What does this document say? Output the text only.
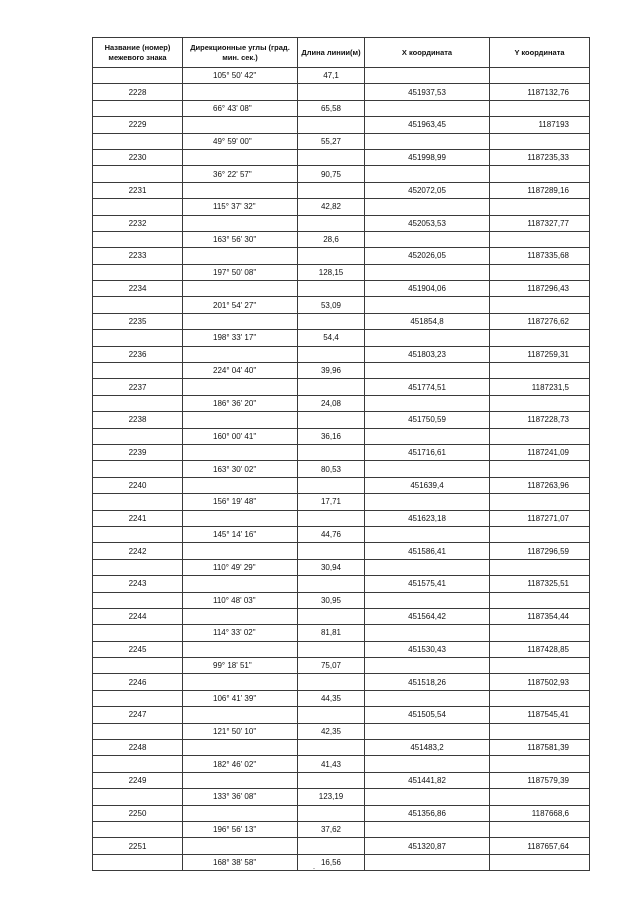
Название (номер) межевого знака	Дирекционные углы (град. мин. сек.)	Длина линии(м)	X координата	Y координата
	105° 50' 42"	47,1		
2228			451937,53	1187132,76
	66° 43' 08"	65,58		
2229			451963,45	1187193
	49° 59' 00"	55,27		
2230			451998,99	1187235,33
	36° 22' 57"	90,75		
2231			452072,05	1187289,16
	115° 37' 32"	42,82		
2232			452053,53	1187327,77
	163° 56' 30"	28,6		
2233			452026,05	1187335,68
	197° 50' 08"	128,15		
2234			451904,06	1187296,43
	201° 54' 27"	53,09		
2235			451854,8	1187276,62
	198° 33' 17"	54,4		
2236			451803,23	1187259,31
	224° 04' 40"	39,96		
2237			451774,51	1187231,5
	186° 36' 20"	24,08		
2238			451750,59	1187228,73
	160° 00' 41"	36,16		
2239			451716,61	1187241,09
	163° 30' 02"	80,53		
2240			451639,4	1187263,96
	156° 19' 48"	17,71		
2241			451623,18	1187271,07
	145° 14' 16"	44,76		
2242			451586,41	1187296,59
	110° 49' 29"	30,94		
2243			451575,41	1187325,51
	110° 48' 03"	30,95		
2244			451564,42	1187354,44
	114° 33' 02"	81,81		
2245			451530,43	1187428,85
	99° 18' 51"	75,07		
2246			451518,26	1187502,93
	106° 41' 39"	44,35		
2247			451505,54	1187545,41
	121° 50' 10"	42,35		
2248			451483,2	1187581,39
	182° 46' 02"	41,43		
2249			451441,82	1187579,39
	133° 36' 08"	123,19		
2250			451356,86	1187668,6
	196° 56' 13"	37,62		
2251			451320,87	1187657,64
	168° 38' 58"	16,56		
